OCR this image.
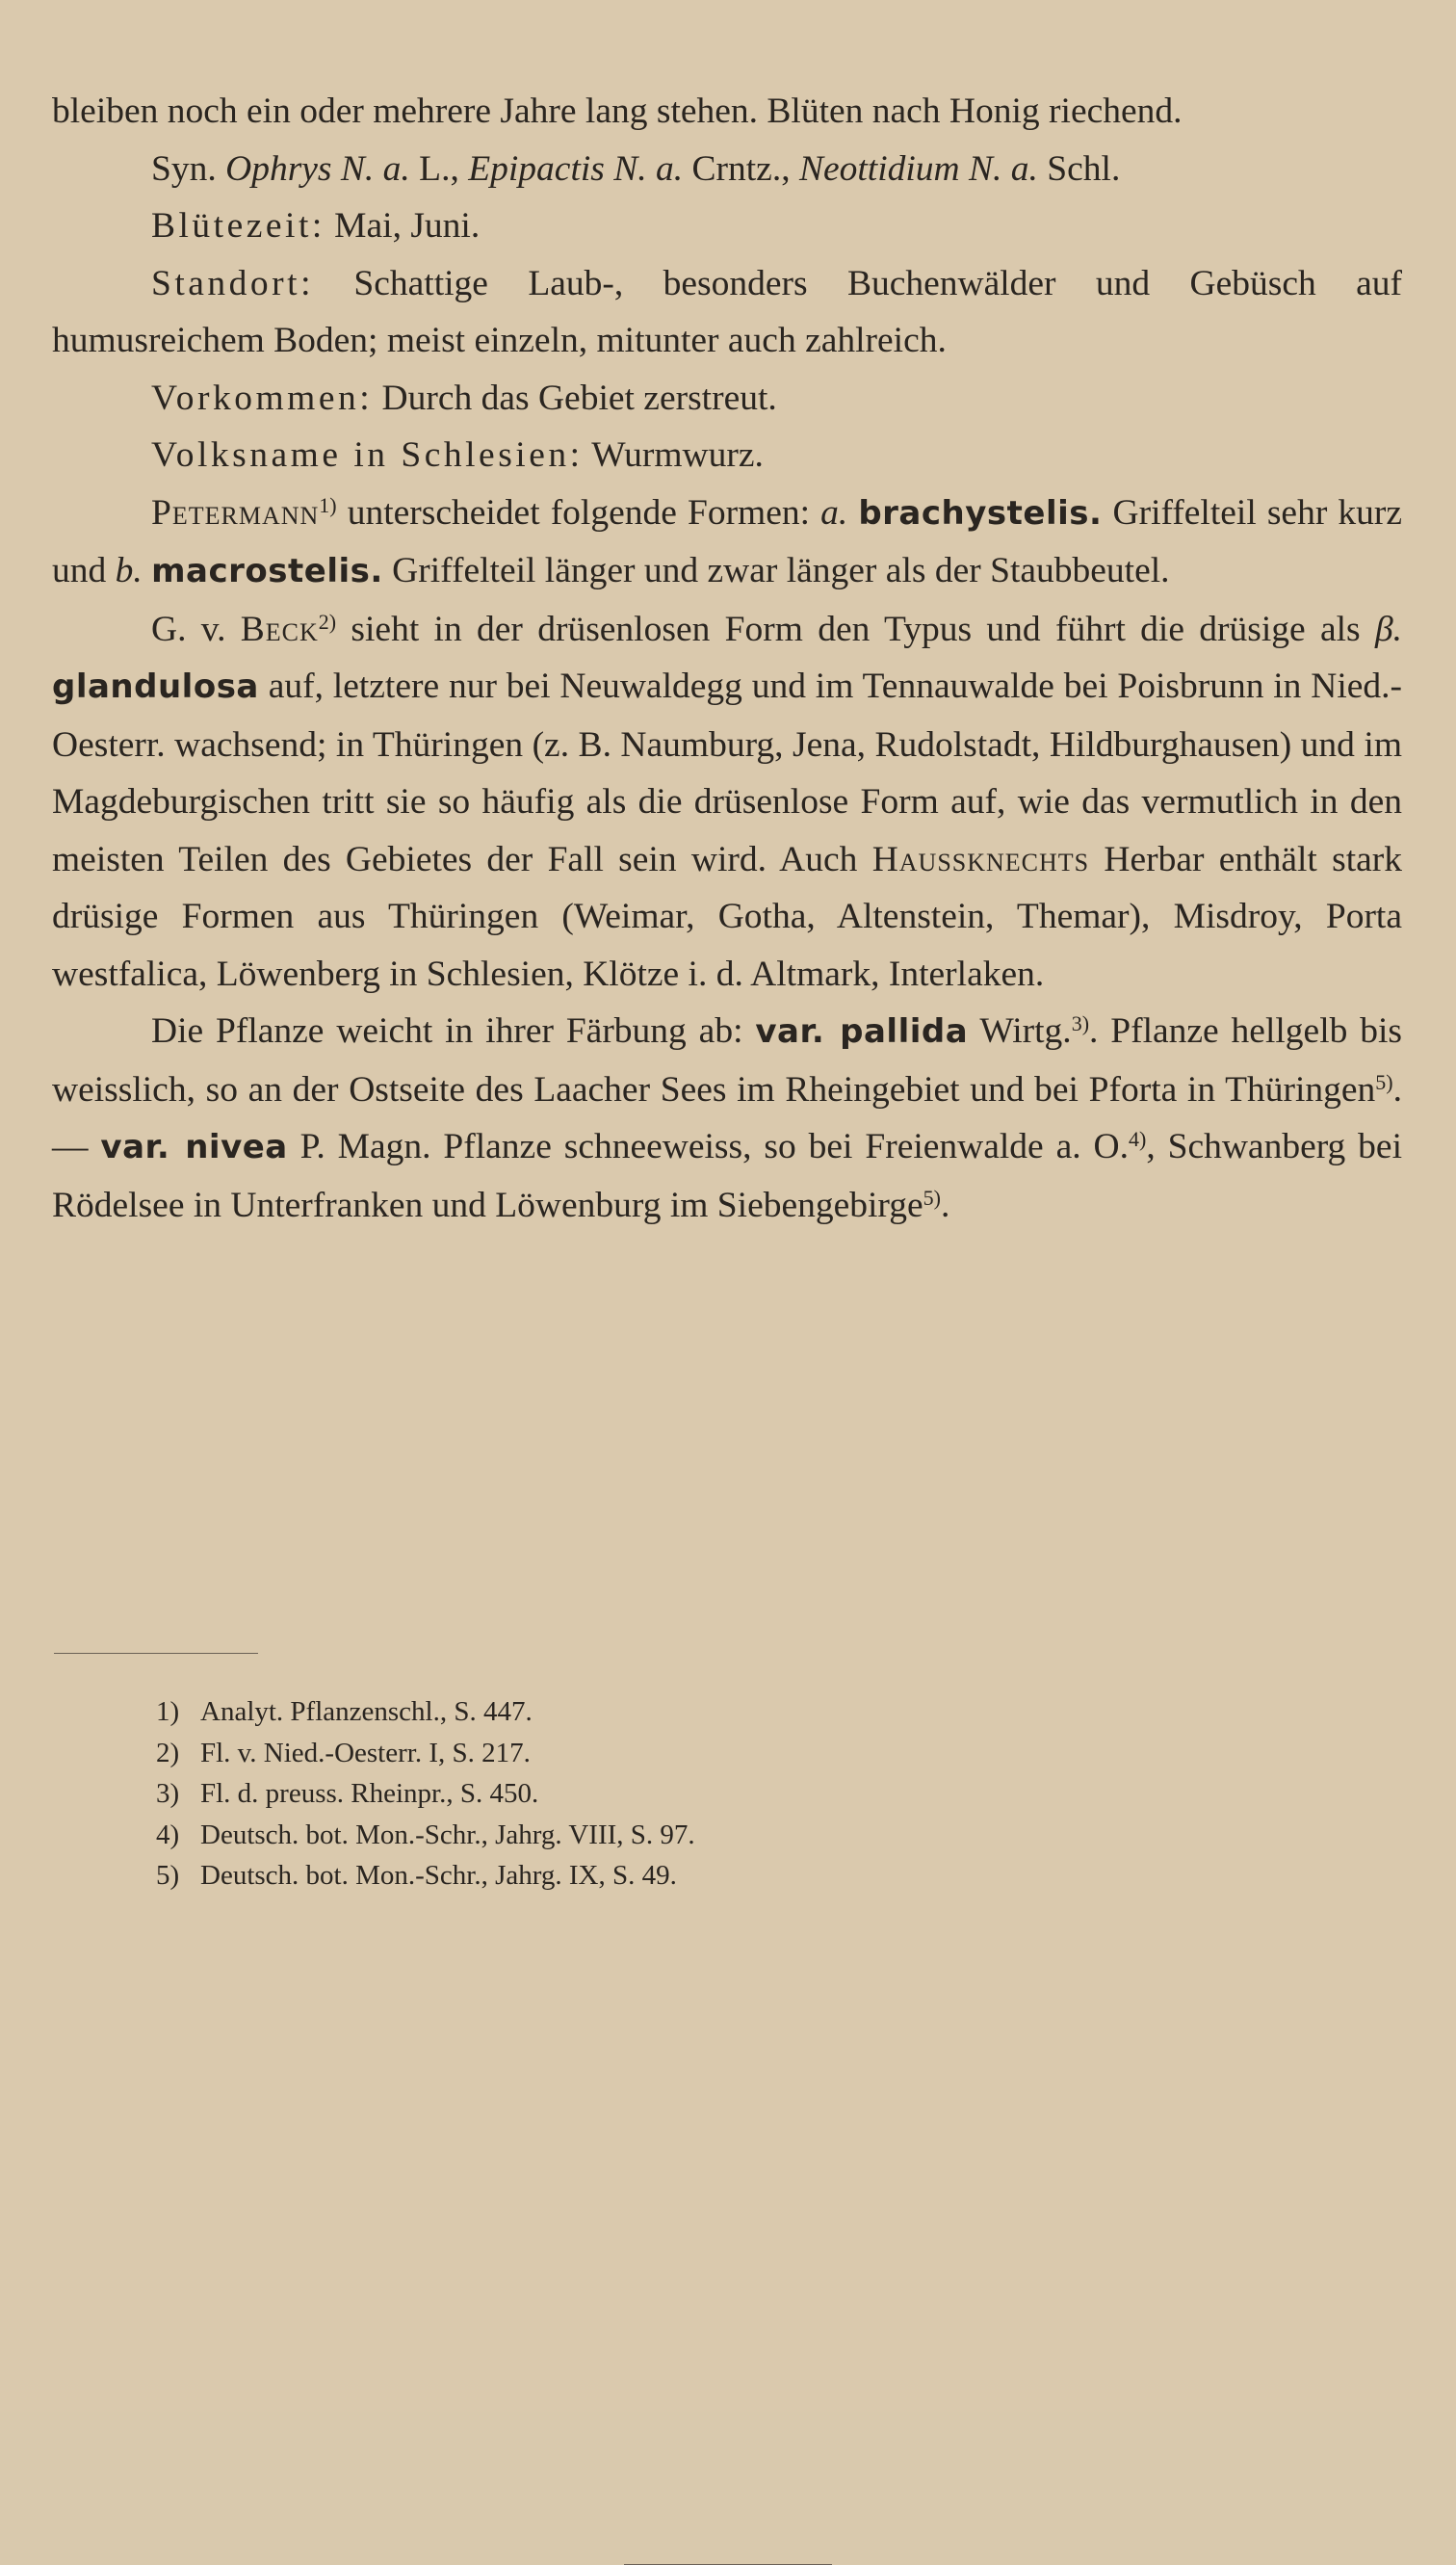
bleiben noch ein oder mehrere Jahre lang stehen. Blüten nach Honig riechend.

Syn. Ophrys N. a. L., Epipactis N. a. Crntz., Neottidium N. a. Schl.

Blütezeit: Mai, Juni.

Standort: Schattige Laub-, besonders Buchenwälder und Gebüsch auf humusreichem Boden; meist einzeln, mitunter auch zahlreich.

Vorkommen: Durch das Gebiet zerstreut.

Volksname in Schlesien: Wurmwurz.

Petermann$^{1)}$ unterscheidet folgende Formen: a. brachystelis. Griffelteil sehr kurz und b. macrostelis. Griffelteil länger und zwar länger als der Staubbeutel.

G. v. Beck$^{2)}$ sieht in der drüsenlosen Form den Typus und führt die drüsige als β. glandulosa auf, letztere nur bei Neuwaldegg und im Tennauwalde bei Poisbrunn in Nied.-Oesterr. wachsend; in Thüringen (z. B. Naumburg, Jena, Rudolstadt, Hildburghausen) und im Magdeburgischen tritt sie so häufig als die drüsenlose Form auf, wie das vermutlich in den meisten Teilen des Gebietes der Fall sein wird. Auch Haussknechts Herbar enthält stark drüsige Formen aus Thüringen (Weimar, Gotha, Altenstein, Themar), Misdroy, Porta westfalica, Löwenberg in Schlesien, Klötze i. d. Altmark, Interlaken.

Die Pflanze weicht in ihrer Färbung ab: var. pallida Wirtg.$^{3)}$. Pflanze hellgelb bis weisslich, so an der Ostseite des Laacher Sees im Rheingebiet und bei Pforta in Thüringen$^{5)}$. — var. nivea P. Magn. Pflanze schneeweiss, so bei Freienwalde a. O.$^{4)}$, Schwanberg bei Rödelsee in Unterfranken und Löwenburg im Siebengebirge$^{5)}$.

1) Analyt. Pflanzenschl., S. 447.
2) Fl. v. Nied.-Oesterr. I, S. 217.
3) Fl. d. preuss. Rheinpr., S. 450.
4) Deutsch. bot. Mon.-Schr., Jahrg. VIII, S. 97.
5) Deutsch. bot. Mon.-Schr., Jahrg. IX, S. 49.
